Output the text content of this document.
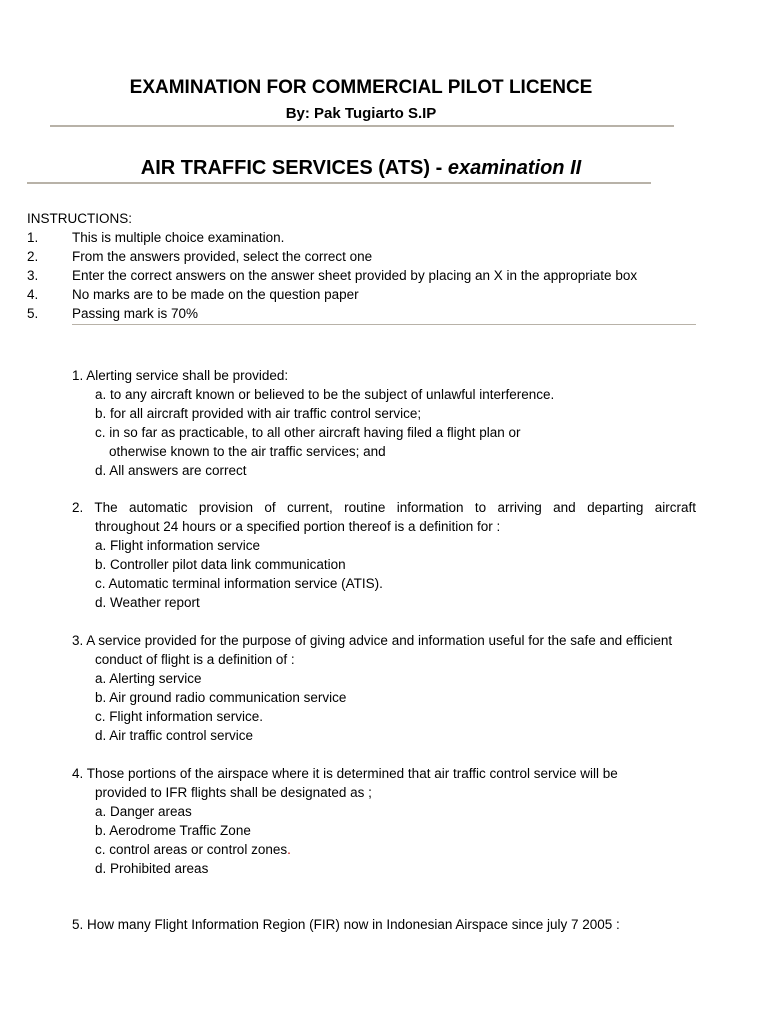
EXAMINATION FOR COMMERCIAL PILOT LICENCE
By: Pak Tugiarto S.IP
AIR TRAFFIC SERVICES (ATS) - examination II
INSTRUCTIONS:
1. This is multiple choice examination.
2. From the answers provided, select the correct one
3. Enter the correct answers on the answer sheet provided by placing an X in the appropriate box
4. No marks are to be made on the question paper
5. Passing mark is 70%
1. Alerting service shall be provided:
a. to any aircraft known or believed to be the subject of unlawful interference.
b. for all aircraft provided with air traffic control service;
c. in so far as practicable, to all other aircraft having filed a flight plan or
otherwise known to the air traffic services; and
d. All answers are correct
2. The automatic provision of current, routine information to arriving and departing aircraft
throughout 24 hours or a specified portion thereof is a definition for :
a. Flight information service
b. Controller pilot data link communication
c. Automatic terminal information service (ATIS).
d. Weather report
3. A service provided for the purpose of giving advice and information useful for the safe and efficient
conduct of flight is a definition of :
a. Alerting service
b. Air ground radio communication service
c. Flight information service.
d. Air traffic control service
4. Those portions of the airspace where it is determined that air traffic control service will be
provided to IFR flights shall be designated as ;
a. Danger areas
b. Aerodrome Traffic Zone
c. control areas or control zones.
d. Prohibited areas
5. How many Flight Information Region (FIR) now in Indonesian Airspace since july 7 2005 :
